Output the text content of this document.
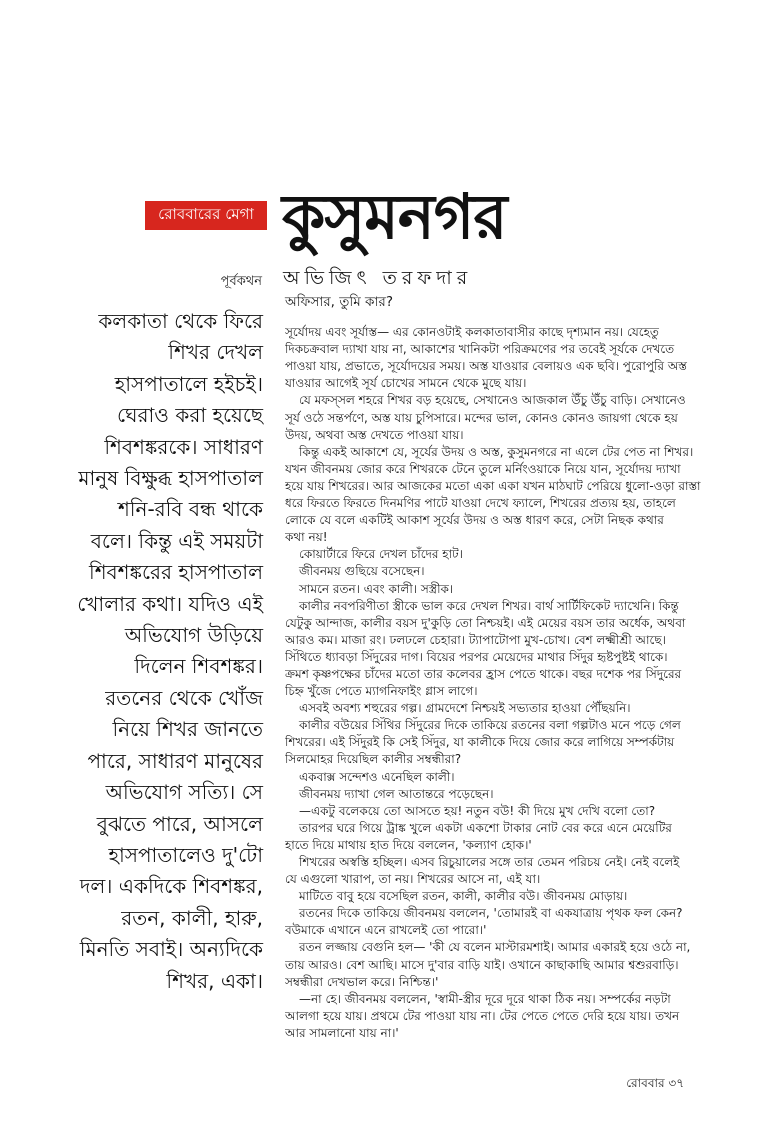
রোববারের মেগা কুসুমনগর
পূর্বকথন অভিজিৎ তরফদার
কলকাতা থেকে ফিরে
শিখর দেখল
হাসপাতালে হইচই।
ঘেরাও করা হয়েছে
শিবশঙ্করকে। সাধারণ
মানুষ বিক্ষুব্ধ হাসপাতাল
শনি-রবি বন্ধ থাকে
বলে। কিন্তু এই সময়টা
শিবশঙ্করের হাসপাতাল
খোলার কথা। যদিও এই
অভিযোগ উড়িয়ে
দিলেন শিবশঙ্কর।
রতনের থেকে খোঁজ
নিয়ে শিখর জানতে
পারে, সাধারণ মানুষের
অভিযোগ সত্যি। সে
বুঝতে পারে, আসলে
হাসপাতালেও দু'টো
দল। একদিকে শিবশঙ্কর,
রতন, কালী, হারু,
মিনতি সবাই। অন্যদিকে
শিখর, একা।
অফিসার, তুমি কার?
সূর্যোদয় এবং সূর্যাস্ত— এর কোনওটাই কলকাতাবাসীর কাছে দৃশ্যমান নয়। যেহেতু
দিকচক্রবাল দ্যাখা যায় না, আকাশের খানিকটা পরিক্রমণের পর তবেই সূর্যকে দেখতে
পাওয়া যায়, প্রভাতে, সূর্যোদয়ের সময়। অস্ত যাওয়ার বেলায়ও এক ছবি। পুরোপুরি অস্ত
যাওয়ার আগেই সূর্য চোখের সামনে থেকে মুছে যায়।
যে মফস্‌সল শহরে শিখর বড় হয়েছে, সেখানেও আজকাল উঁচু উঁচু বাড়ি। সেখানেও
সূর্য ওঠে সন্তর্পণে, অস্ত যায় চুপিসারে। মন্দের ভাল, কোনও কোনও জায়গা থেকে হয়
উদয়, অথবা অস্ত দেখতে পাওয়া যায়।
কিন্তু একই আকাশে যে, সূর্যের উদয় ও অস্ত, কুসুমনগরে না এলে টের পেত না শিখর।
যখন জীবনময় জোর করে শিখরকে টেনে তুলে মর্নিংওয়াকে নিয়ে যান, সূর্যোদয় দ্যাখা
হয়ে যায় শিখরের। আর আজকের মতো একা একা যখন মাঠঘাট পেরিয়ে ধুলো-ওড়া রাস্তা
ধরে ফিরতে ফিরতে দিনমণির পাটে যাওয়া দেখে ফ্যালে, শিখরের প্রত্যয় হয়, তাহলে
লোকে যে বলে একটিই আকাশ সূর্যের উদয় ও অস্ত ধারণ করে, সেটা নিছক কথার
কথা নয়!
কোয়ার্টারে ফিরে দেখল চাঁদের হাট।
জীবনময় গুছিয়ে বসেছেন।
সামনে রতন। এবং কালী। সস্ত্রীক।
কালীর নবপরিণীতা স্ত্রীকে ভাল করে দেখল শিখর। বার্থ সার্টিফিকেট দ্যাখেনি। কিন্তু
যেটুকু আন্দাজ, কালীর বয়স দু'কুড়ি তো নিশ্চয়ই। এই মেয়ের বয়স তার অর্ধেক, অথবা
আরও কম। মাজা রং। ঢলঢলে চেহারা। ট্যাপাটোপা মুখ-চোখ। বেশ লক্ষ্মীশ্রী আছে।
সিঁথিতে ধ্যাবড়া সিঁদুরের দাগ। বিয়ের পরপর মেয়েদের মাথার সিঁদুর হৃষ্টপুষ্টই থাকে।
ক্রমশ কৃষ্ণপক্ষের চাঁদের মতো তার কলেবর হ্রাস পেতে থাকে। বছর দশেক পর সিঁদুরের
চিহ্ন খুঁজে পেতে ম্যাগনিফাইং গ্লাস লাগে।
এসবই অবশ্য শহুরের গল্প। গ্রামদেশে নিশ্চয়ই সভ্যতার হাওয়া পৌঁছয়নি।
কালীর বউয়ের সিঁথির সিঁদুরের দিকে তাকিয়ে রতনের বলা গল্পটাও মনে পড়ে গেল
শিখরের। এই সিঁদুরই কি সেই সিঁদুর, যা কালীকে দিয়ে জোর করে লাগিয়ে সম্পর্কটায়
সিলমোহর দিয়েছিল কালীর সম্বন্ধীরা?
একবাক্স সন্দেশও এনেছিল কালী।
জীবনময় দ্যাখা গেল আতান্তরে পড়েছেন।
—একটু বলেকয়ে তো আসতে হয়! নতুন বউ! কী দিয়ে মুখ দেখি বলো তো?
তারপর ঘরে গিয়ে ট্রাঙ্ক খুলে একটা একশো টাকার নোট বের করে এনে মেয়েটির
হাতে দিয়ে মাথায় হাত দিয়ে বললেন, 'কল্যাণ হোক।'
শিখরের অস্বস্তি হচ্ছিল। এসব রিচুয়ালের সঙ্গে তার তেমন পরিচয় নেই। নেই বলেই
যে এগুলো খারাপ, তা নয়। শিখরের আসে না, এই যা।
মাটিতে বাবু হয়ে বসেছিল রতন, কালী, কালীর বউ। জীবনময় মোড়ায়।
রতনের দিকে তাকিয়ে জীবনময় বললেন, 'তোমারই বা একযাত্রায় পৃথক ফল কেন?
বউমাকে এখানে এনে রাখলেই তো পারো।'
রতন লজ্জায় বেগুনি হল— 'কী যে বলেন মাস্টারমশাই। আমার একারই হয়ে ওঠে না,
তায় আরও। বেশ আছি। মাসে দু'বার বাড়ি যাই। ওখানে কাছাকাছি আমার শ্বশুরবাড়ি।
সম্বন্ধীরা দেখভাল করে। নিশ্চিন্ত।'
—না হে। জীবনময় বললেন, 'স্বামী-স্ত্রীর দূরে দূরে থাকা ঠিক নয়। সম্পর্কের নড়টা
আলগা হয়ে যায়। প্রথমে টের পাওয়া যায় না। টের পেতে পেতে দেরি হয়ে যায়। তখন
আর সামলানো যায় না।'
রোববার ৩৭
